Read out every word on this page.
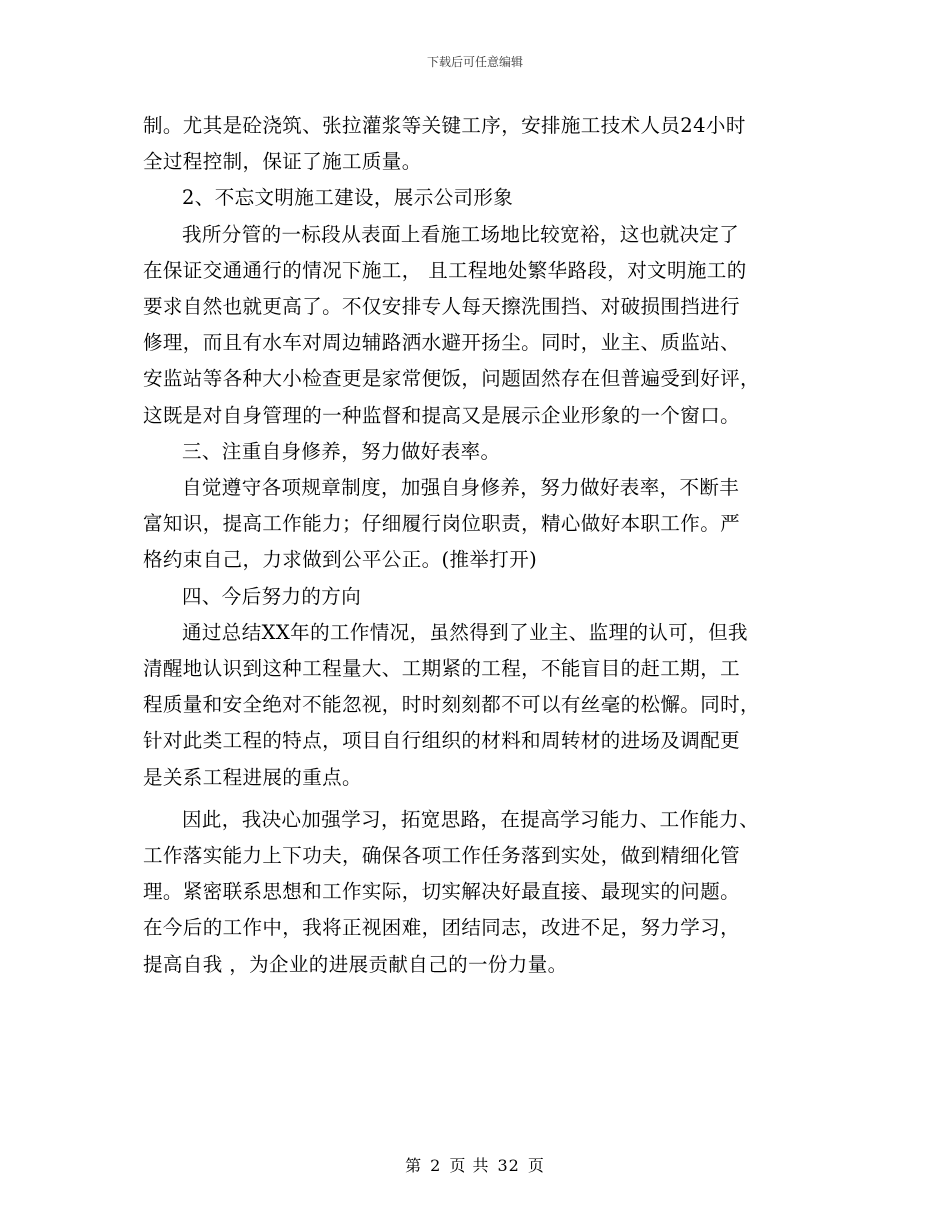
下载后可任意编辑

制。尤其是砼浇筑、张拉灌浆等关键工序，安排施工技术人员24小时
全过程控制，保证了施工质量。

2、不忘文明施工建设，展示公司形象

我所分管的一标段从表面上看施工场地比较宽裕，这也就决定了
在保证交通通行的情况下施工， 且工程地处繁华路段，对文明施工的
要求自然也就更高了。不仅安排专人每天擦洗围挡、对破损围挡进行
修理，而且有水车对周边辅路洒水避开扬尘。同时，业主、质监站、
安监站等各种大小检查更是家常便饭，问题固然存在但普遍受到好评，
这既是对自身管理的一种监督和提高又是展示企业形象的一个窗口。

三、注重自身修养，努力做好表率。

自觉遵守各项规章制度，加强自身修养，努力做好表率，不断丰
富知识，提高工作能力；仔细履行岗位职责，精心做好本职工作。严
格约束自己，力求做到公平公正。(推举打开)

四、今后努力的方向

通过总结XX年的工作情况，虽然得到了业主、监理的认可，但我
清醒地认识到这种工程量大、工期紧的工程，不能盲目的赶工期，工
程质量和安全绝对不能忽视，时时刻刻都不可以有丝毫的松懈。同时，
针对此类工程的特点，项目自行组织的材料和周转材的进场及调配更
是关系工程进展的重点。

因此，我决心加强学习，拓宽思路，在提高学习能力、工作能力、
工作落实能力上下功夫，确保各项工作任务落到实处，做到精细化管
理。紧密联系思想和工作实际，切实解决好最直接、最现实的问题。
在今后的工作中，我将正视困难，团结同志，改进不足，努力学习，
提高自我 ，为企业的进展贡献自己的一份力量。

第 2 页 共 32 页
